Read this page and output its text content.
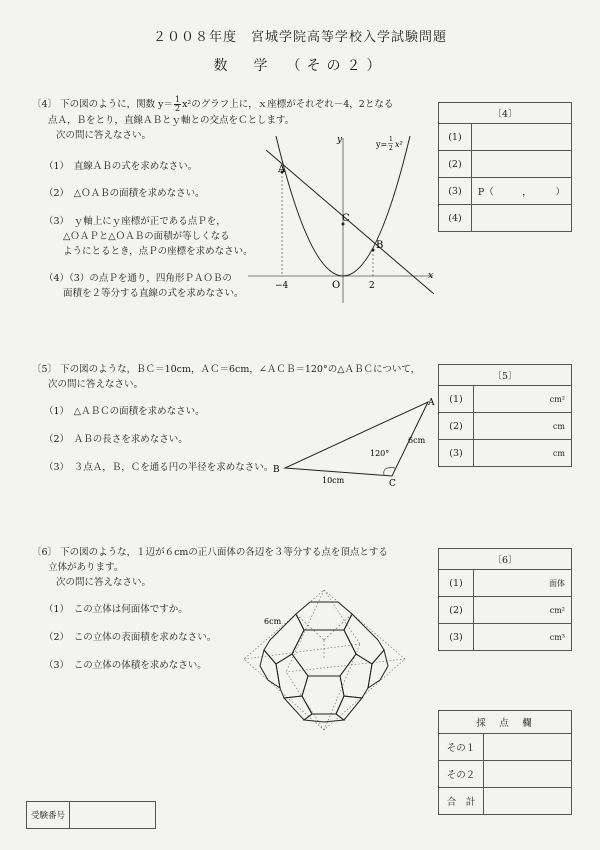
２００８年度　宮城学院高等学校入学試験問題
数　学　（その２）
〔4〕 下の図のように，関数 $y= \frac{1}{2} x^2$のグラフ上に，ｘ座標がそれぞれ－4，2となる
点Ａ，Ｂをとり，直線ＡＢとｙ軸との交点をＣとします。
次の問に答えなさい。
（1）　直線ＡＢの式を求めなさい。
（2）　△ＯＡＢの面積を求めなさい。
（3）　ｙ軸上にｙ座標が正である点Ｐを，
△ＯＡＰと△ＯＡＢの面積が等しくなる
ようにとるとき，点Ｐの座標を求めなさい。
（4）（3）の点Ｐを通り，四角形ＰＡＯＢの
面積を２等分する直線の式を求めなさい。
A
B
C
O
y
x
−4	2
y=
1
2 x²
〔4〕	
(1)	
(2)	
(3)	P（　　　，　　　）
(4)	
〔5〕 下の図のような，ＢＣ＝10cm，ＡＣ＝6cm，∠ＡＣＢ＝120°の△ＡＢＣについて，
次の問に答えなさい。
（1）　△ＡＢＣの面積を求めなさい。
（2）　ＡＢの長さを求めなさい。
（3）　３点Ａ，Ｂ，Ｃを通る円の半径を求めなさい。
A
B
C
6cm
10cm
120°
〔5〕	
(1)	cm²
(2)	cm
(3)	cm
〔6〕 下の図のような，１辺が６cmの正八面体の各辺を３等分する点を頂点とする
立体があります。
次の問に答えなさい。
（1）　この立体は何面体ですか。
（2）　この立体の表面積を求めなさい。
（3）　この立体の体積を求めなさい。
6cm
〔6〕	
(1)	面体
(2)	cm²
(3)	cm³
採　点　欄	
その１	
その２	
合　計	
受験番号	
